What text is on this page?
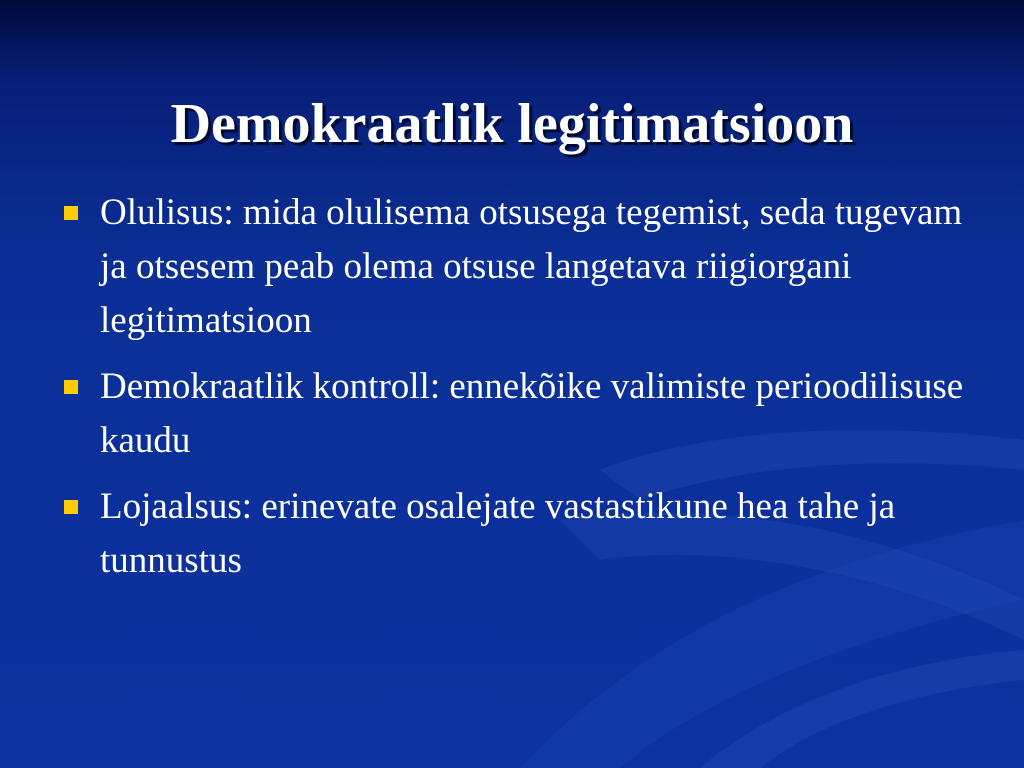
Demokraatlik legitimatsioon
Olulisus: mida olulisema otsusega tegemist, seda tugevam ja otsesem peab olema otsuse langetava riigiorgani legitimatsioon
Demokraatlik kontroll: ennekõike valimiste perioodilisuse kaudu
Lojaalsus: erinevate osalejate vastastikune hea tahe ja tunnustus
